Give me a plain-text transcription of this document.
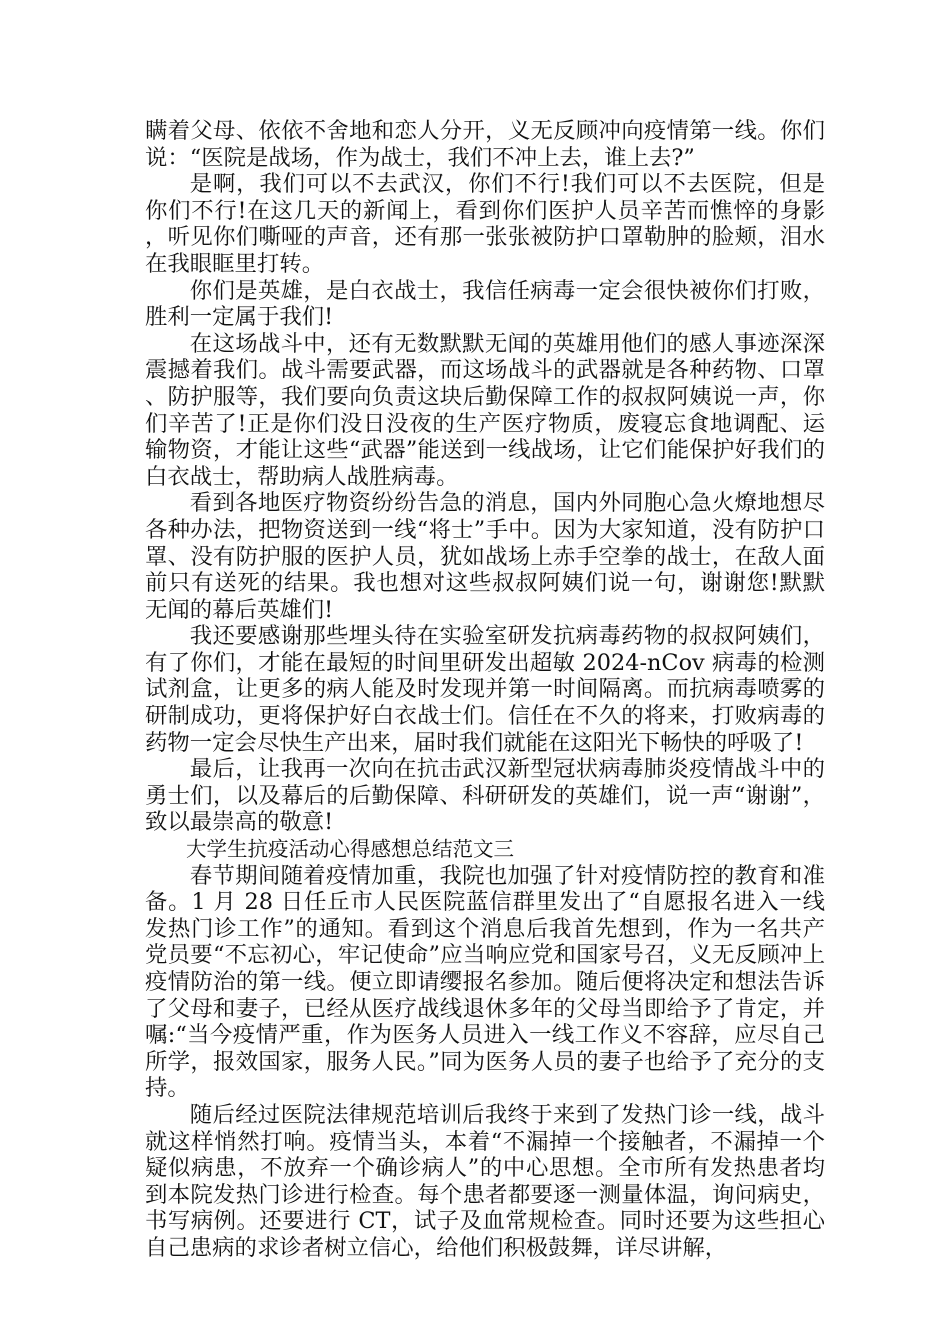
瞒着父母、依依不舍地和恋人分开，义无反顾冲向疫情第一线。你们说：“医院是战场，作为战士，我们不冲上去，谁上去?”

是啊，我们可以不去武汉，你们不行!我们可以不去医院，但是你们不行!在这几天的新闻上，看到你们医护人员辛苦而憔悴的身影，听见你们嘶哑的声音，还有那一张张被防护口罩勒肿的脸颊，泪水在我眼眶里打转。

你们是英雄，是白衣战士，我信任病毒一定会很快被你们打败，胜利一定属于我们!

在这场战斗中，还有无数默默无闻的英雄用他们的感人事迹深深震撼着我们。战斗需要武器，而这场战斗的武器就是各种药物、口罩、防护服等，我们要向负责这块后勤保障工作的叔叔阿姨说一声，你们辛苦了!正是你们没日没夜的生产医疗物质，废寝忘食地调配、运输物资，才能让这些“武器”能送到一线战场，让它们能保护好我们的白衣战士，帮助病人战胜病毒。

看到各地医疗物资纷纷告急的消息，国内外同胞心急火燎地想尽各种办法，把物资送到一线“将士”手中。因为大家知道，没有防护口罩、没有防护服的医护人员，犹如战场上赤手空拳的战士，在敌人面前只有送死的结果。我也想对这些叔叔阿姨们说一句，谢谢您!默默无闻的幕后英雄们!

我还要感谢那些埋头待在实验室研发抗病毒药物的叔叔阿姨们，有了你们，才能在最短的时间里研发出超敏 2024-nCov 病毒的检测试剂盒，让更多的病人能及时发现并第一时间隔离。而抗病毒喷雾的研制成功，更将保护好白衣战士们。信任在不久的将来，打败病毒的药物一定会尽快生产出来，届时我们就能在这阳光下畅快的呼吸了!

最后，让我再一次向在抗击武汉新型冠状病毒肺炎疫情战斗中的勇士们，以及幕后的后勤保障、科研研发的英雄们，说一声“谢谢”，致以最崇高的敬意!

大学生抗疫活动心得感想总结范文三

春节期间随着疫情加重，我院也加强了针对疫情防控的教育和准备。1 月 28 日任丘市人民医院蓝信群里发出了“自愿报名进入一线发热门诊工作”的通知。看到这个消息后我首先想到，作为一名共产党员要“不忘初心，牢记使命”应当响应党和国家号召，义无反顾冲上疫情防治的第一线。便立即请缨报名参加。随后便将决定和想法告诉了父母和妻子，已经从医疗战线退休多年的父母当即给予了肯定，并嘱:“当今疫情严重，作为医务人员进入一线工作义不容辞，应尽自己所学，报效国家，服务人民。”同为医务人员的妻子也给予了充分的支持。

随后经过医院法律规范培训后我终于来到了发热门诊一线，战斗就这样悄然打响。疫情当头，本着“不漏掉一个接触者，不漏掉一个疑似病患，不放弃一个确诊病人”的中心思想。全市所有发热患者均到本院发热门诊进行检查。每个患者都要逐一测量体温，询问病史，书写病例。还要进行 CT，试子及血常规检查。同时还要为这些担心自己患病的求诊者树立信心，给他们积极鼓舞，详尽讲解，
